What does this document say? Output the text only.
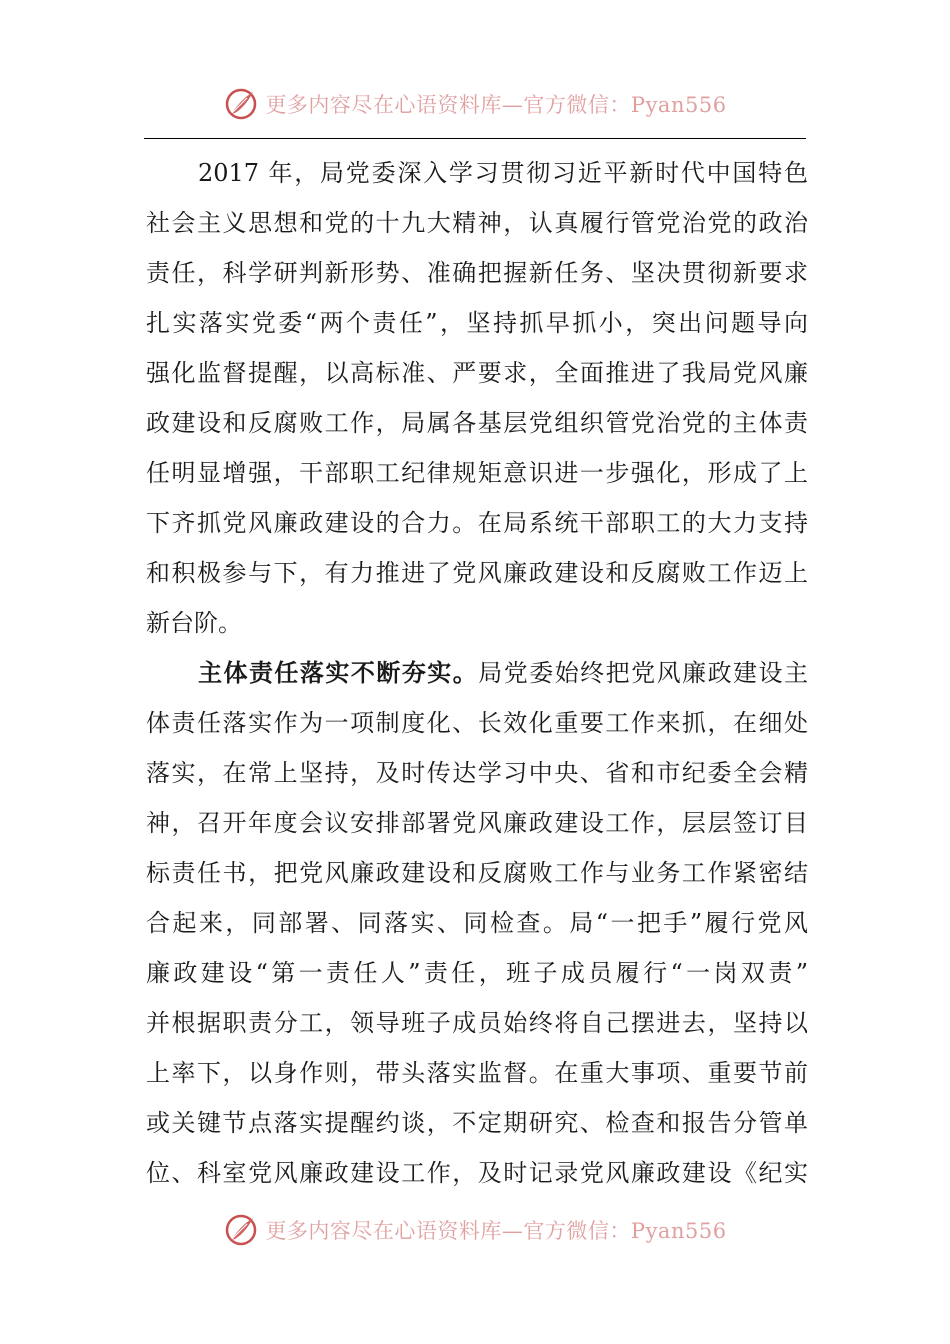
更多内容尽在心语资料库—官方微信：Pyan556
2017 年，局党委深入学习贯彻习近平新时代中国特色
社会主义思想和党的十九大精神，认真履行管党治党的政治
责任，科学研判新形势、准确把握新任务、坚决贯彻新要求
扎实落实党委“两个责任”，坚持抓早抓小，突出问题导向
强化监督提醒，以高标准、严要求，全面推进了我局党风廉
政建设和反腐败工作，局属各基层党组织管党治党的主体责
任明显增强，干部职工纪律规矩意识进一步强化，形成了上
下齐抓党风廉政建设的合力。在局系统干部职工的大力支持
和积极参与下，有力推进了党风廉政建设和反腐败工作迈上
新台阶。
主体责任落实不断夯实。局党委始终把党风廉政建设主
体责任落实作为一项制度化、长效化重要工作来抓，在细处
落实，在常上坚持，及时传达学习中央、省和市纪委全会精
神，召开年度会议安排部署党风廉政建设工作，层层签订目
标责任书，把党风廉政建设和反腐败工作与业务工作紧密结
合起来，同部署、同落实、同检查。局“一把手”履行党风
廉政建设“第一责任人”责任，班子成员履行“一岗双责”
并根据职责分工，领导班子成员始终将自己摆进去，坚持以
上率下，以身作则，带头落实监督。在重大事项、重要节前
或关键节点落实提醒约谈，不定期研究、检查和报告分管单
位、科室党风廉政建设工作，及时记录党风廉政建设《纪实
更多内容尽在心语资料库—官方微信：Pyan556
